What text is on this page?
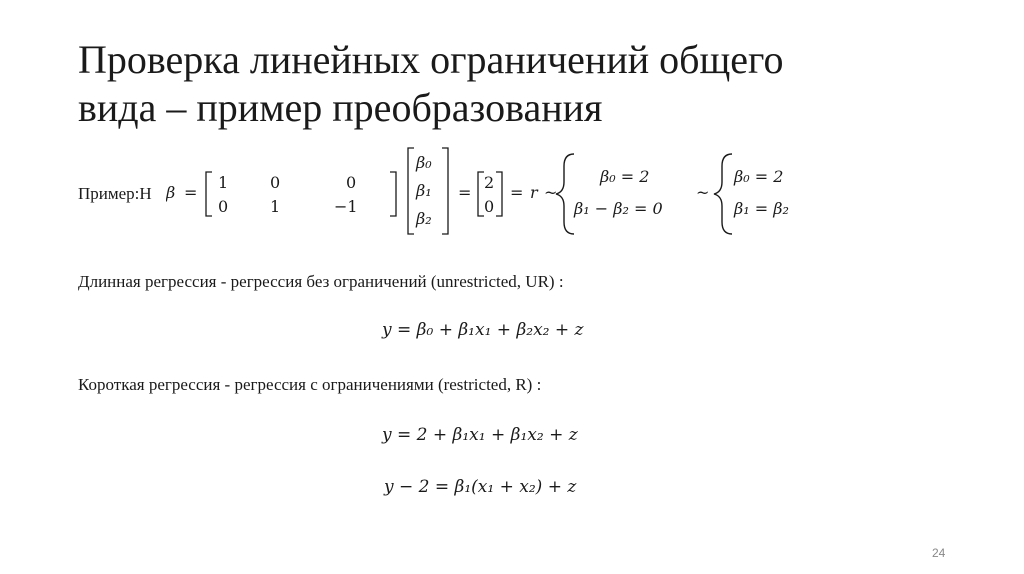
Проверка линейных ограничений общего
вида – пример преобразования
Пример:H β =
1	0	0
0	1	−1
β₀
β₁
β₂
=
2
0
= r ~
β₀ = 2
β₁ − β₂ = 0
~
β₀ = 2
β₁ = β₂
Длинная регрессия - регрессия без ограничений (unrestricted, UR) :
y = β₀ + β₁x₁ + β₂x₂ + z
Короткая регрессия - регрессия с ограничениями (restricted, R) :
y = 2 + β₁x₁ + β₁x₂ + z
y − 2 = β₁(x₁ + x₂) + z
24
